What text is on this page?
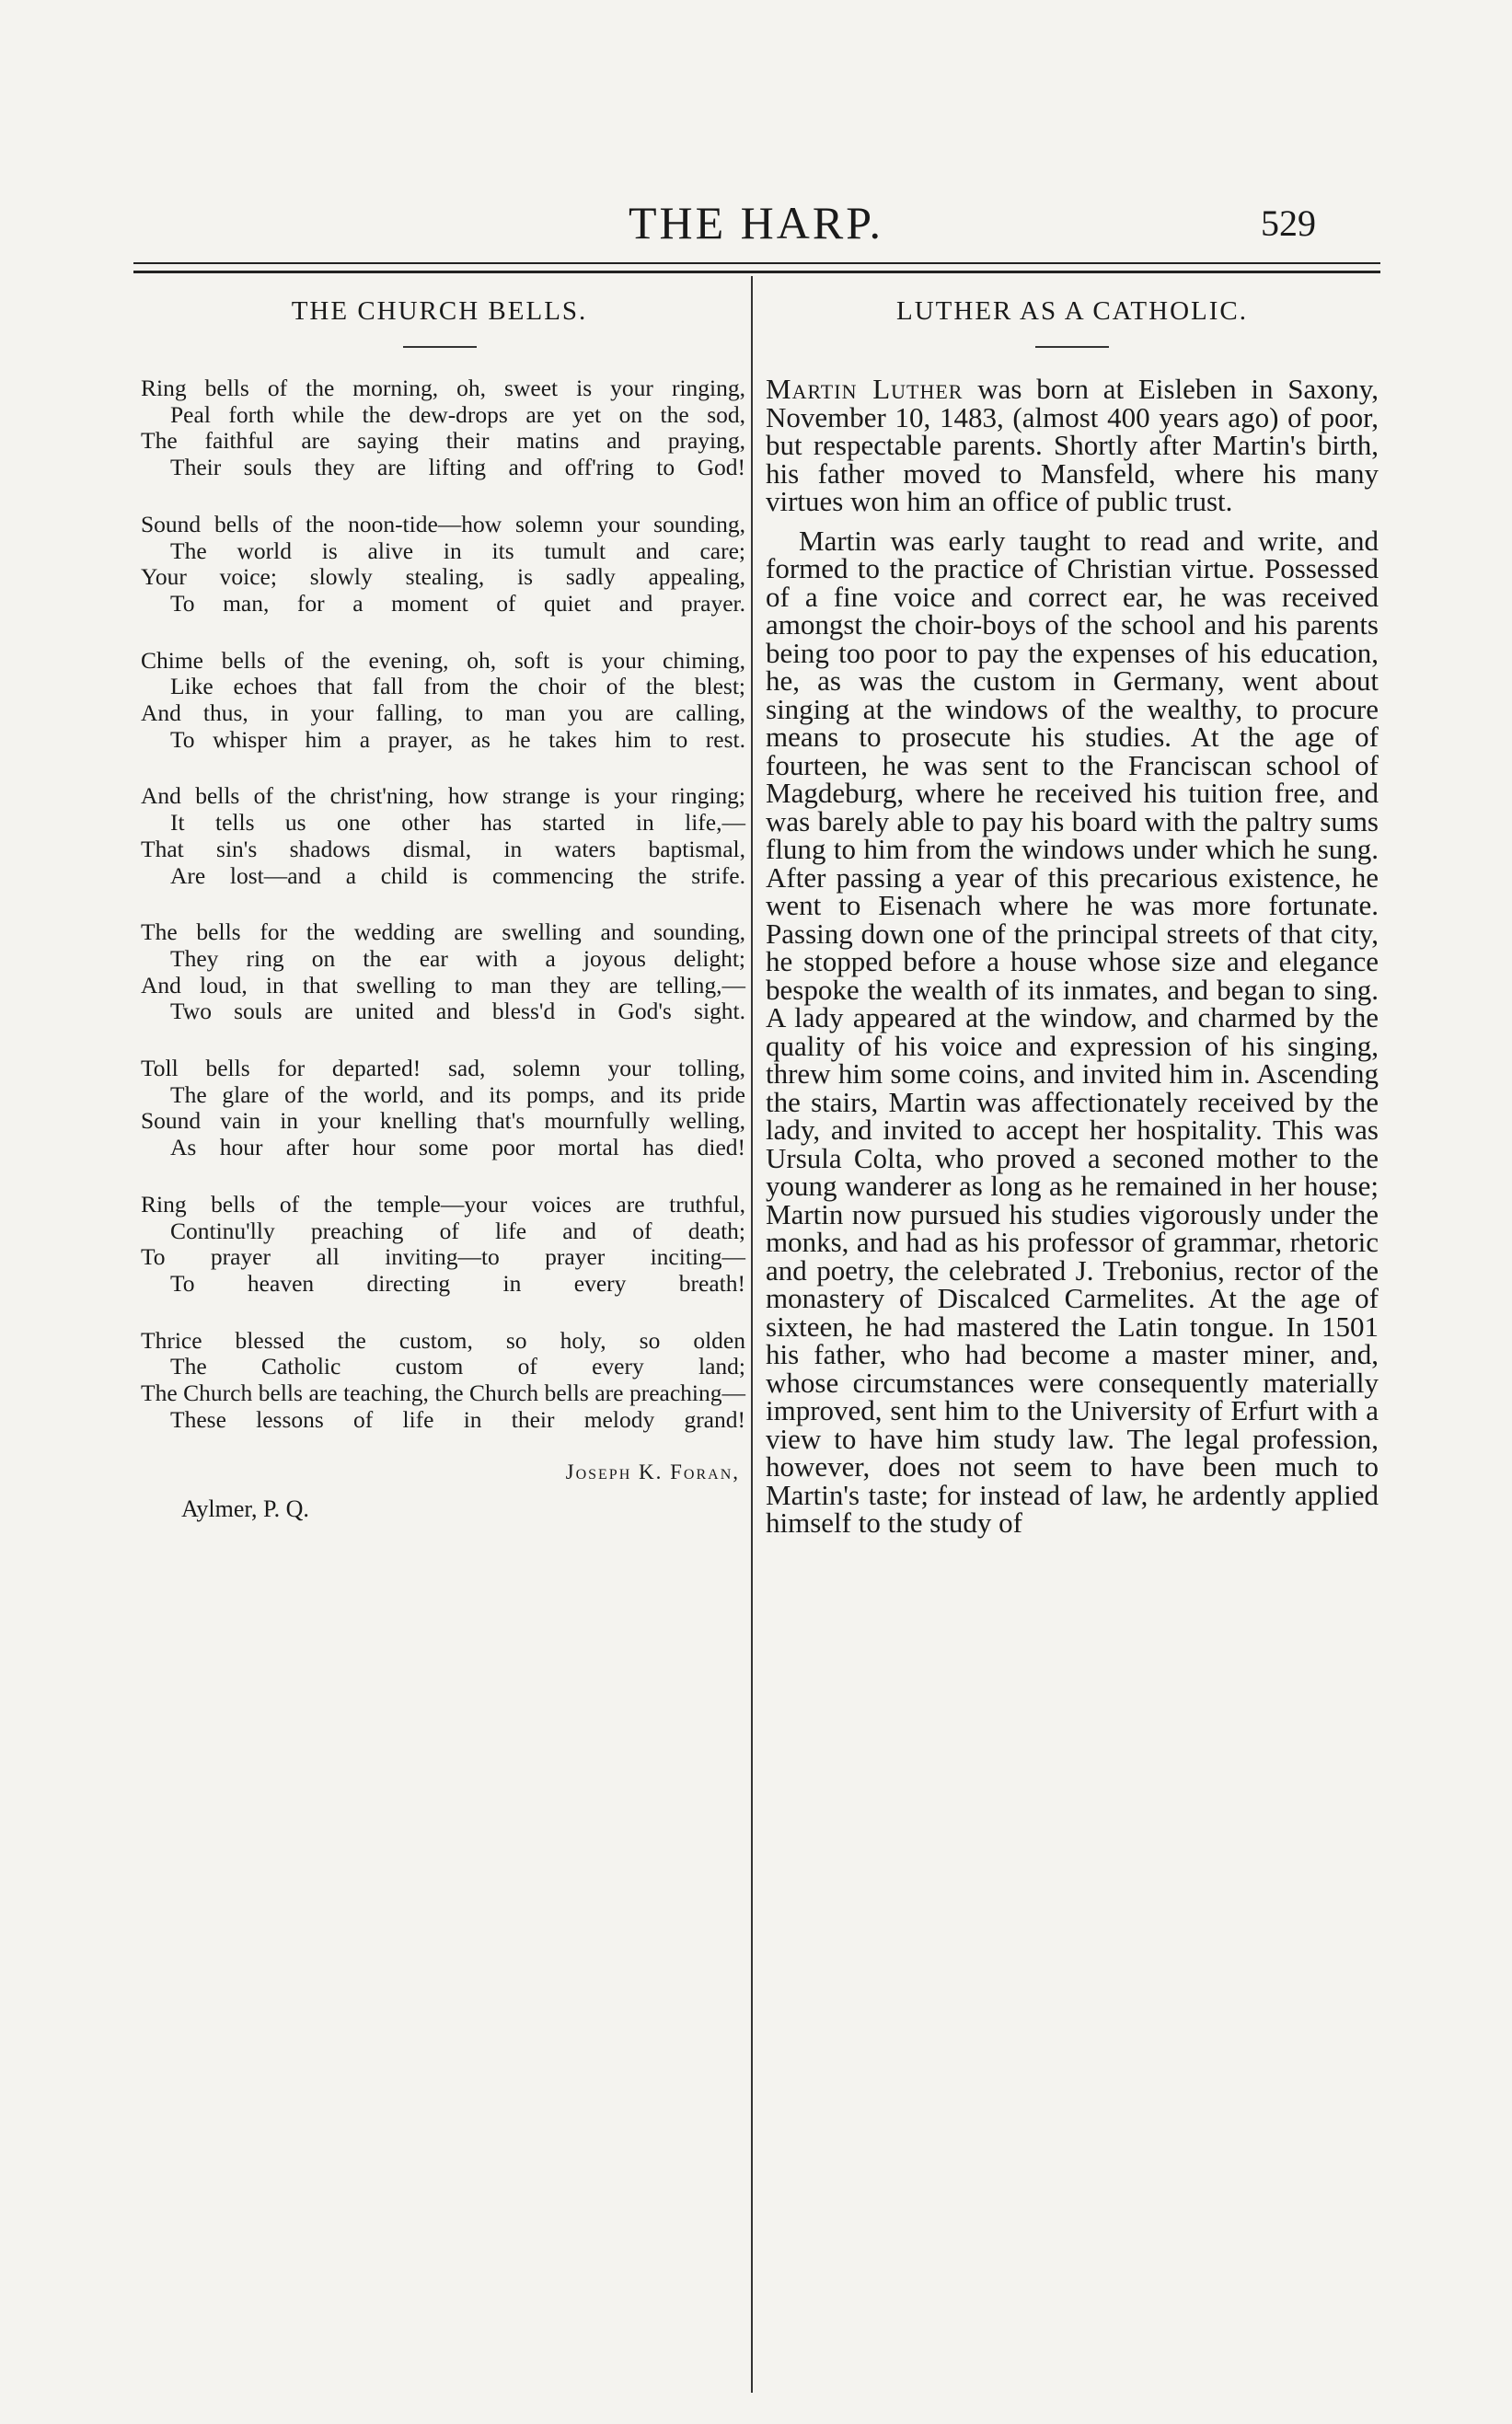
THE HARP.	529
THE CHURCH BELLS.
Ring bells of the morning, oh, sweet is your ringing,
Peal forth while the dew-drops are yet on the sod,
The faithful are saying their matins and praying,
Their souls they are lifting and off'ring to God!
Sound bells of the noon-tide—how solemn your sounding,
The world is alive in its tumult and care;
Your voice; slowly stealing, is sadly appealing,
To man, for a moment of quiet and prayer.
Chime bells of the evening, oh, soft is your chiming,
Like echoes that fall from the choir of the blest;
And thus, in your falling, to man you are calling,
To whisper him a prayer, as he takes him to rest.
And bells of the christ'ning, how strange is your ringing;
It tells us one other has started in life,—
That sin's shadows dismal, in waters baptismal,
Are lost—and a child is commencing the strife.
The bells for the wedding are swelling and sounding,
They ring on the ear with a joyous delight;
And loud, in that swelling to man they are telling,—
Two souls are united and bless'd in God's sight.
Toll bells for departed! sad, solemn your tolling,
The glare of the world, and its pomps, and its pride
Sound vain in your knelling that's mournfully welling,
As hour after hour some poor mortal has died!
Ring bells of the temple—your voices are truthful,
Continu'lly preaching of life and of death;
To prayer all inviting—to prayer inciting—
To heaven directing in every breath!
Thrice blessed the custom, so holy, so olden
The Catholic custom of every land;
The Church bells are teaching, the Church bells are preaching—
These lessons of life in their melody grand!
Joseph K. Foran,
Aylmer, P. Q.
LUTHER AS A CATHOLIC.

Martin Luther was born at Eisleben in Saxony, November 10, 1483, (almost 400 years ago) of poor, but respectable parents. Shortly after Martin's birth, his father moved to Mansfeld, where his many virtues won him an office of public trust.

Martin was early taught to read and write, and formed to the practice of Christian virtue. Possessed of a fine voice and correct ear, he was received amongst the choir-boys of the school and his parents being too poor to pay the expenses of his education, he, as was the custom in Germany, went about singing at the windows of the wealthy, to procure means to prosecute his studies. At the age of fourteen, he was sent to the Franciscan school of Magdeburg, where he received his tuition free, and was barely able to pay his board with the paltry sums flung to him from the windows under which he sung. After passing a year of this precarious existence, he went to Eisenach where he was more fortunate. Passing down one of the principal streets of that city, he stopped before a house whose size and elegance bespoke the wealth of its inmates, and began to sing. A lady appeared at the window, and charmed by the quality of his voice and expression of his singing, threw him some coins, and invited him in. Ascending the stairs, Martin was affectionately received by the lady, and invited to accept her hospitality. This was Ursula Colta, who proved a seconed mother to the young wanderer as long as he remained in her house; Martin now pursued his studies vigorously under the monks, and had as his professor of grammar, rhetoric and poetry, the celebrated J. Trebonius, rector of the monastery of Discalced Carmelites. At the age of sixteen, he had mastered the Latin tongue. In 1501 his father, who had become a master miner, and, whose circumstances were consequently materially improved, sent him to the University of Erfurt with a view to have him study law. The legal profession, however, does not seem to have been much to Martin's taste; for instead of law, he ardently applied himself to the study of
